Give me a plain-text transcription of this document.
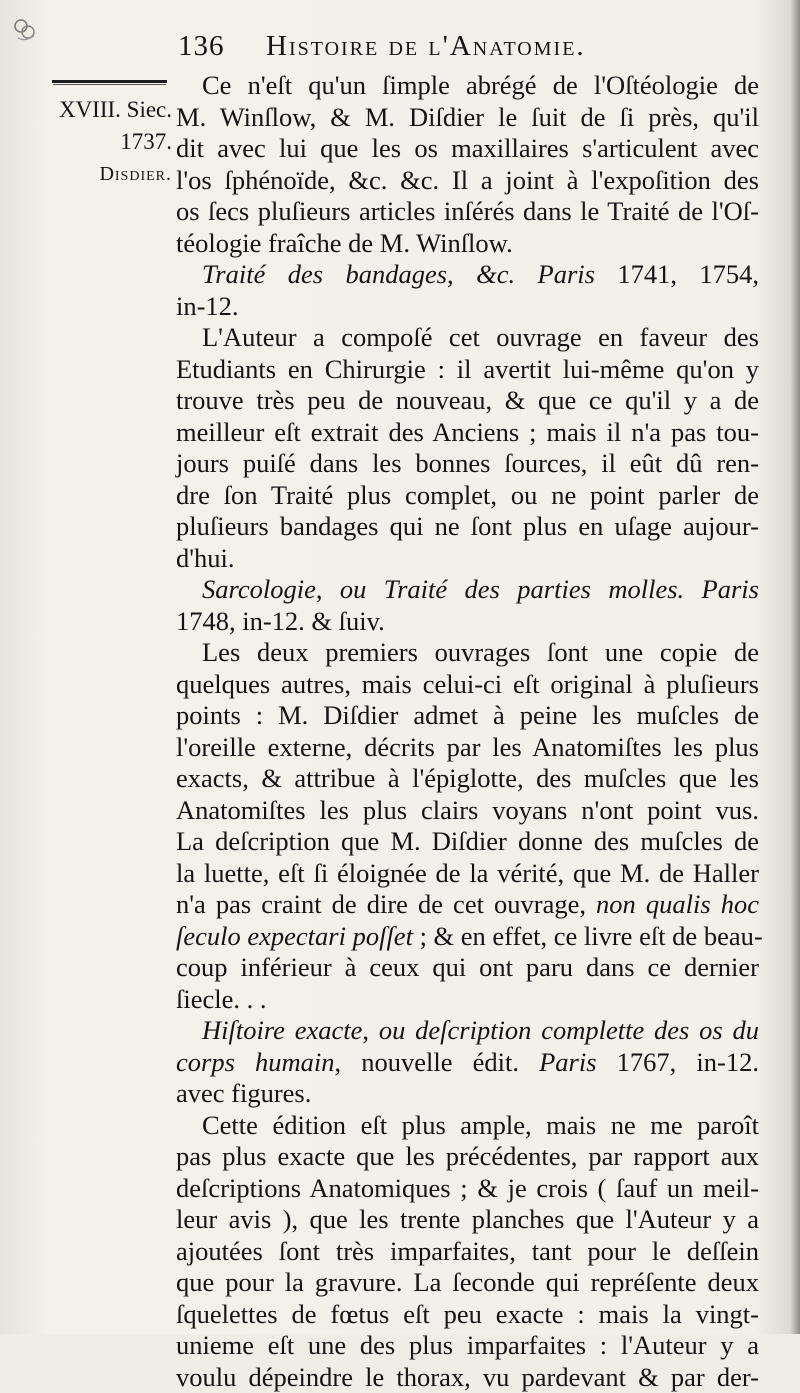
136 Histoire de l'Anatomie.
XVIII. Siec.
1737.
Disdier.
Ce n'eſt qu'un ſimple abrégé de l'Oſtéologie de
M. Winſlow, & M. Diſdier le ſuit de ſi près, qu'il
dit avec lui que les os maxillaires s'articulent avec
l'os ſphénoïde, &c. &c. Il a joint à l'expoſition des
os ſecs pluſieurs articles inſérés dans le Traité de l'Oſ-
téologie fraîche de M. Winſlow.
Traité des bandages, &c. Paris 1741, 1754,
in-12.
L'Auteur a compoſé cet ouvrage en faveur des
Etudiants en Chirurgie : il avertit lui-même qu'on y
trouve très peu de nouveau, & que ce qu'il y a de
meilleur eſt extrait des Anciens ; mais il n'a pas tou-
jours puiſé dans les bonnes ſources, il eût dû ren-
dre ſon Traité plus complet, ou ne point parler de
pluſieurs bandages qui ne ſont plus en uſage aujour-
d'hui.
Sarcologie, ou Traité des parties molles. Paris
1748, in-12. & ſuiv.
Les deux premiers ouvrages ſont une copie de
quelques autres, mais celui-ci eſt original à pluſieurs
points : M. Diſdier admet à peine les muſcles de
l'oreille externe, décrits par les Anatomiſtes les plus
exacts, & attribue à l'épiglotte, des muſcles que les
Anatomiſtes les plus clairs voyans n'ont point vus.
La deſcription que M. Diſdier donne des muſcles de
la luette, eſt ſi éloignée de la vérité, que M. de Haller
n'a pas craint de dire de cet ouvrage, non qualis hoc
ſeculo expectari poſſet ; & en effet, ce livre eſt de beau-
coup inférieur à ceux qui ont paru dans ce dernier
ſiecle. . .
Hiſtoire exacte, ou deſcription complette des os du
corps humain, nouvelle édit. Paris 1767, in-12.
avec figures.
Cette édition eſt plus ample, mais ne me paroît
pas plus exacte que les précédentes, par rapport aux
deſcriptions Anatomiques ; & je crois ( ſauf un meil-
leur avis ), que les trente planches que l'Auteur y a
ajoutées ſont très imparfaites, tant pour le deſſein
que pour la gravure. La ſeconde qui repréſente deux
ſquelettes de fœtus eſt peu exacte : mais la vingt-
unieme eſt une des plus imparfaites : l'Auteur y a
voulu dépeindre le thorax, vu pardevant & par der-
